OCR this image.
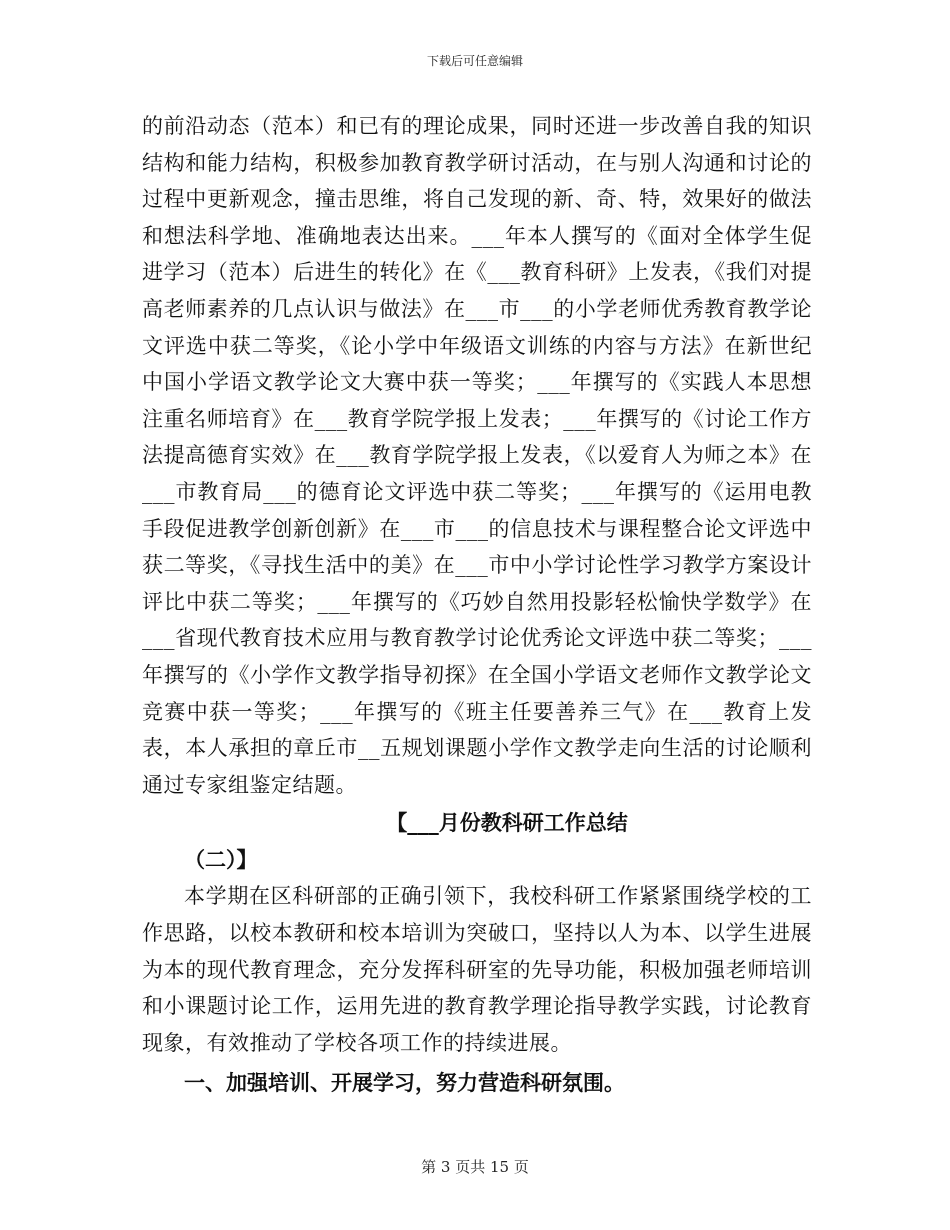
下载后可任意编辑

的前沿动态（范本）和已有的理论成果，同时还进一步改善自我的知识结构和能力结构，积极参加教育教学研讨活动，在与别人沟通和讨论的过程中更新观念，撞击思维，将自己发现的新、奇、特，效果好的做法和想法科学地、准确地表达出来。___年本人撰写的《面对全体学生促进学习（范本）后进生的转化》在《___教育科研》上发表，《我们对提高老师素养的几点认识与做法》在___市___的小学老师优秀教育教学论文评选中获二等奖，《论小学中年级语文训练的内容与方法》在新世纪中国小学语文教学论文大赛中获一等奖；___年撰写的《实践人本思想注重名师培育》在___教育学院学报上发表；___年撰写的《讨论工作方法提高德育实效》在___教育学院学报上发表，《以爱育人为师之本》在___市教育局___的德育论文评选中获二等奖；___年撰写的《运用电教手段促进教学创新创新》在___市___的信息技术与课程整合论文评选中获二等奖，《寻找生活中的美》在___市中小学讨论性学习教学方案设计评比中获二等奖；___年撰写的《巧妙自然用投影轻松愉快学数学》在___省现代教育技术应用与教育教学讨论优秀论文评选中获二等奖；___年撰写的《小学作文教学指导初探》在全国小学语文老师作文教学论文竞赛中获一等奖；___年撰写的《班主任要善养三气》在___教育上发表，本人承担的章丘市__五规划课题小学作文教学走向生活的讨论顺利通过专家组鉴定结题。

【___月份教科研工作总结

（二）】

本学期在区科研部的正确引领下，我校科研工作紧紧围绕学校的工作思路，以校本教研和校本培训为突破口，坚持以人为本、以学生进展为本的现代教育理念，充分发挥科研室的先导功能，积极加强老师培训和小课题讨论工作，运用先进的教育教学理论指导教学实践，讨论教育现象，有效推动了学校各项工作的持续进展。

一、加强培训、开展学习，努力营造科研氛围。

第 3 页共 15 页
